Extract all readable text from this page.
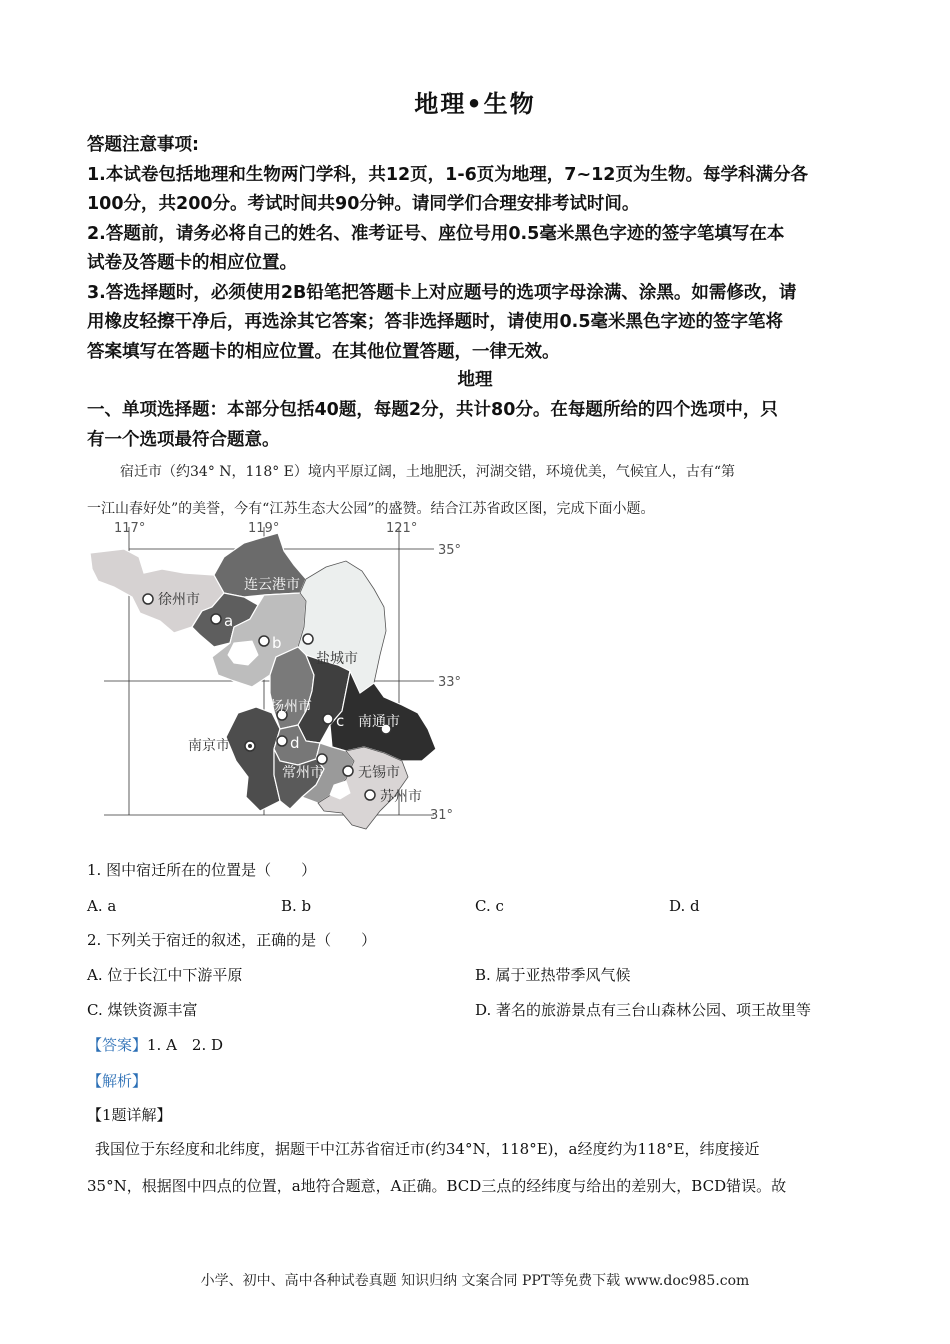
地理•生物
答题注意事项:
1.本试卷包括地理和生物两门学科，共12页，1-6页为地理，7~12页为生物。每学科满分各
100分，共200分。考试时间共90分钟。请同学们合理安排考试时间。
2.答题前，请务必将自己的姓名、准考证号、座位号用0.5毫米黑色字迹的签字笔填写在本
试卷及答题卡的相应位置。
3.答选择题时，必须使用2B铅笔把答题卡上对应题号的选项字母涂满、涂黑。如需修改，请
用橡皮轻擦干净后，再选涂其它答案；答非选择题时，请使用0.5毫米黑色字迹的签字笔将
答案填写在答题卡的相应位置。在其他位置答题，一律无效。
地理
一、单项选择题：本部分包括40题，每题2分，共计80分。在每题所给的四个选项中，只
有一个选项最符合题意。
宿迁市（约34° N，118° E）境内平原辽阔，土地肥沃，河湖交错，环境优美，气候宜人，古有“第
一江山春好处”的美誉，今有“江苏生态大公园”的盛赞。结合江苏省政区图，完成下面小题。
117°	119°	121°
35°
33°
31°
徐州市
连云港市
a
b
盐城市
扬州市
c 南通市
南京市	d
常州市 无锡市
苏州市
1. 图中宿迁所在的位置是（　　）
A. a	B. b	C. c	D. d
2. 下列关于宿迁的叙述，正确的是（　　）
A. 位于长江中下游平原	B. 属于亚热带季风气候
C. 煤铁资源丰富	D. 著名的旅游景点有三台山森林公园、项王故里等
【答案】1. A　2. D
【解析】
【1题详解】
我国位于东经度和北纬度，据题干中江苏省宿迁市(约34°N，118°E)，a经度约为118°E，纬度接近
35°N，根据图中四点的位置，a地符合题意，A正确。BCD三点的经纬度与给出的差别大，BCD错误。故
小学、初中、高中各种试卷真题 知识归纳 文案合同 PPT等免费下载 www.doc985.com
